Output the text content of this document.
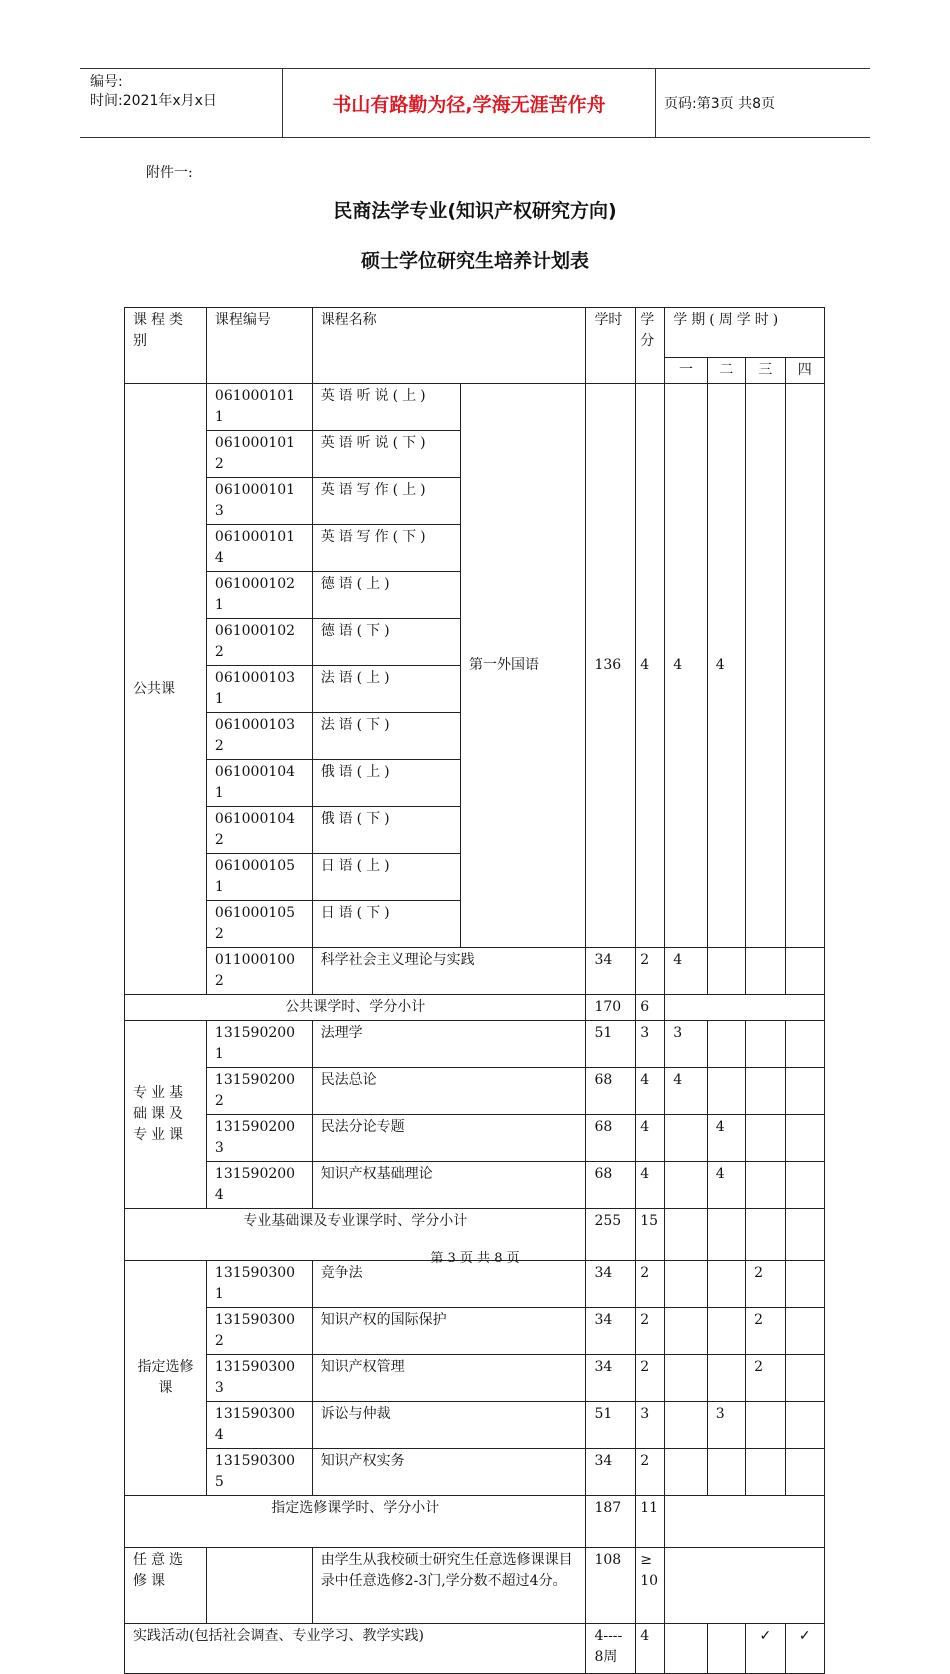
编号:
时间:2021年x月x日	书山有路勤为径,学海无涯苦作舟	页码:第3页 共8页
附件一:
民商法学专业(知识产权研究方向)
硕士学位研究生培养计划表
课程类别	课程编号	课程名称		学时	学分	学期(周学时)			
						一	二	三	四
公共课	0610001011	英语听说(上)	第一外国语	136	4	4	4		
	0610001012	英语听说(下)							
	0610001013	英语写作(上)							
	0610001014	英语写作(下)							
	0610001021	德语(上)							
	0610001022	德语(下)							
	0610001031	法语(上)							
	0610001032	法语(下)							
	0610001041	俄语(上)							
	0610001042	俄语(下)							
	0610001051	日语(上)							
	0610001052	日语(下)							
	0110001002	科学社会主义理论与实践		34	2	4			
公共课学时、学分小计				170	6				
专业基础课及专业课	1315902001	法理学		51	3	3			
	1315902002	民法总论		68	4	4			
	1315902003	民法分论专题		68	4		4		
	1315902004	知识产权基础理论		68	4		4		
专业基础课及专业课学时、学分小计				255	15				
指定选修课	1315903001	竞争法		34	2			2	
	1315903002	知识产权的国际保护		34	2			2	
	1315903003	知识产权管理		34	2			2	
	1315903004	诉讼与仲裁		51	3		3		
	1315903005	知识产权实务		34	2				
指定选修课学时、学分小计				187	11				
任意选修课		由学生从我校硕士研究生任意选修课课目录中任意选修2-3门,学分数不超过4分。		108	≥10				
实践活动(包括社会调查、专业学习、教学实践)				4----8周	4			✓	✓
第 3 页 共 8 页
